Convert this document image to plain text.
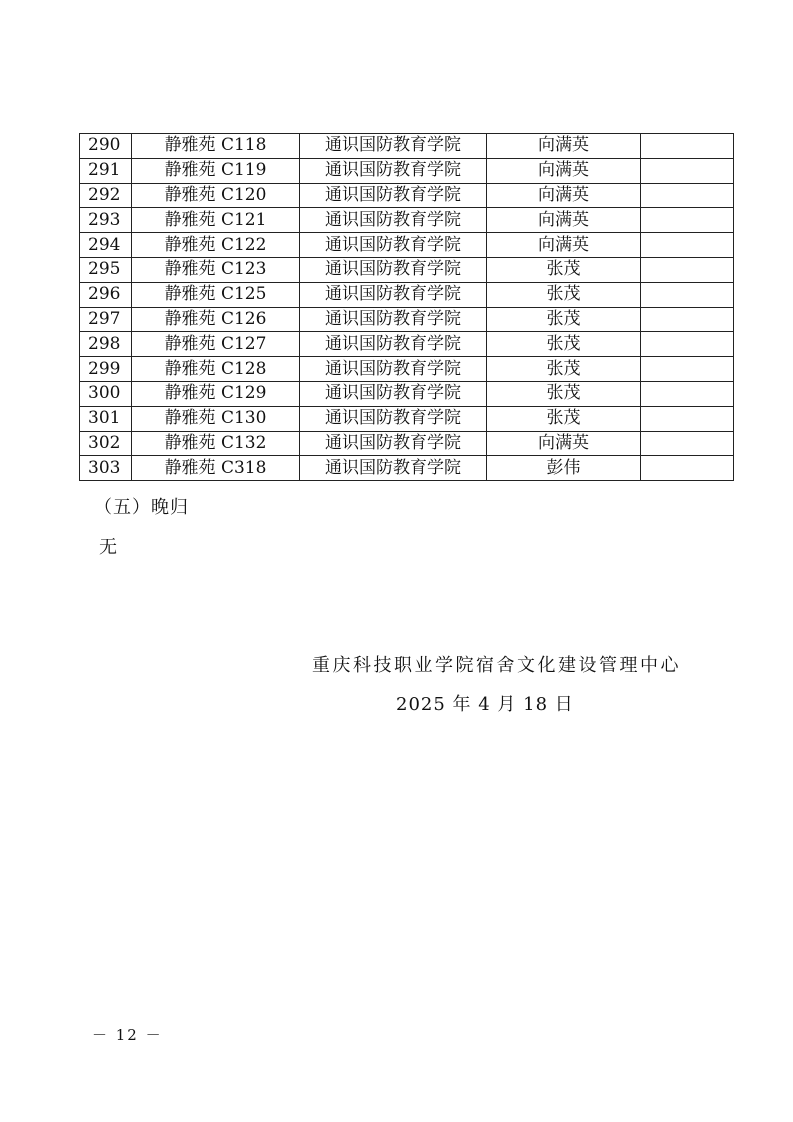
290	静雅苑 C118	通识国防教育学院	向满英	
291	静雅苑 C119	通识国防教育学院	向满英	
292	静雅苑 C120	通识国防教育学院	向满英	
293	静雅苑 C121	通识国防教育学院	向满英	
294	静雅苑 C122	通识国防教育学院	向满英	
295	静雅苑 C123	通识国防教育学院	张茂	
296	静雅苑 C125	通识国防教育学院	张茂	
297	静雅苑 C126	通识国防教育学院	张茂	
298	静雅苑 C127	通识国防教育学院	张茂	
299	静雅苑 C128	通识国防教育学院	张茂	
300	静雅苑 C129	通识国防教育学院	张茂	
301	静雅苑 C130	通识国防教育学院	张茂	
302	静雅苑 C132	通识国防教育学院	向满英	
303	静雅苑 C318	通识国防教育学院	彭伟	
（五）晚归
无
重庆科技职业学院宿舍文化建设管理中心
2025 年 4 月 18 日
－ 12 －
